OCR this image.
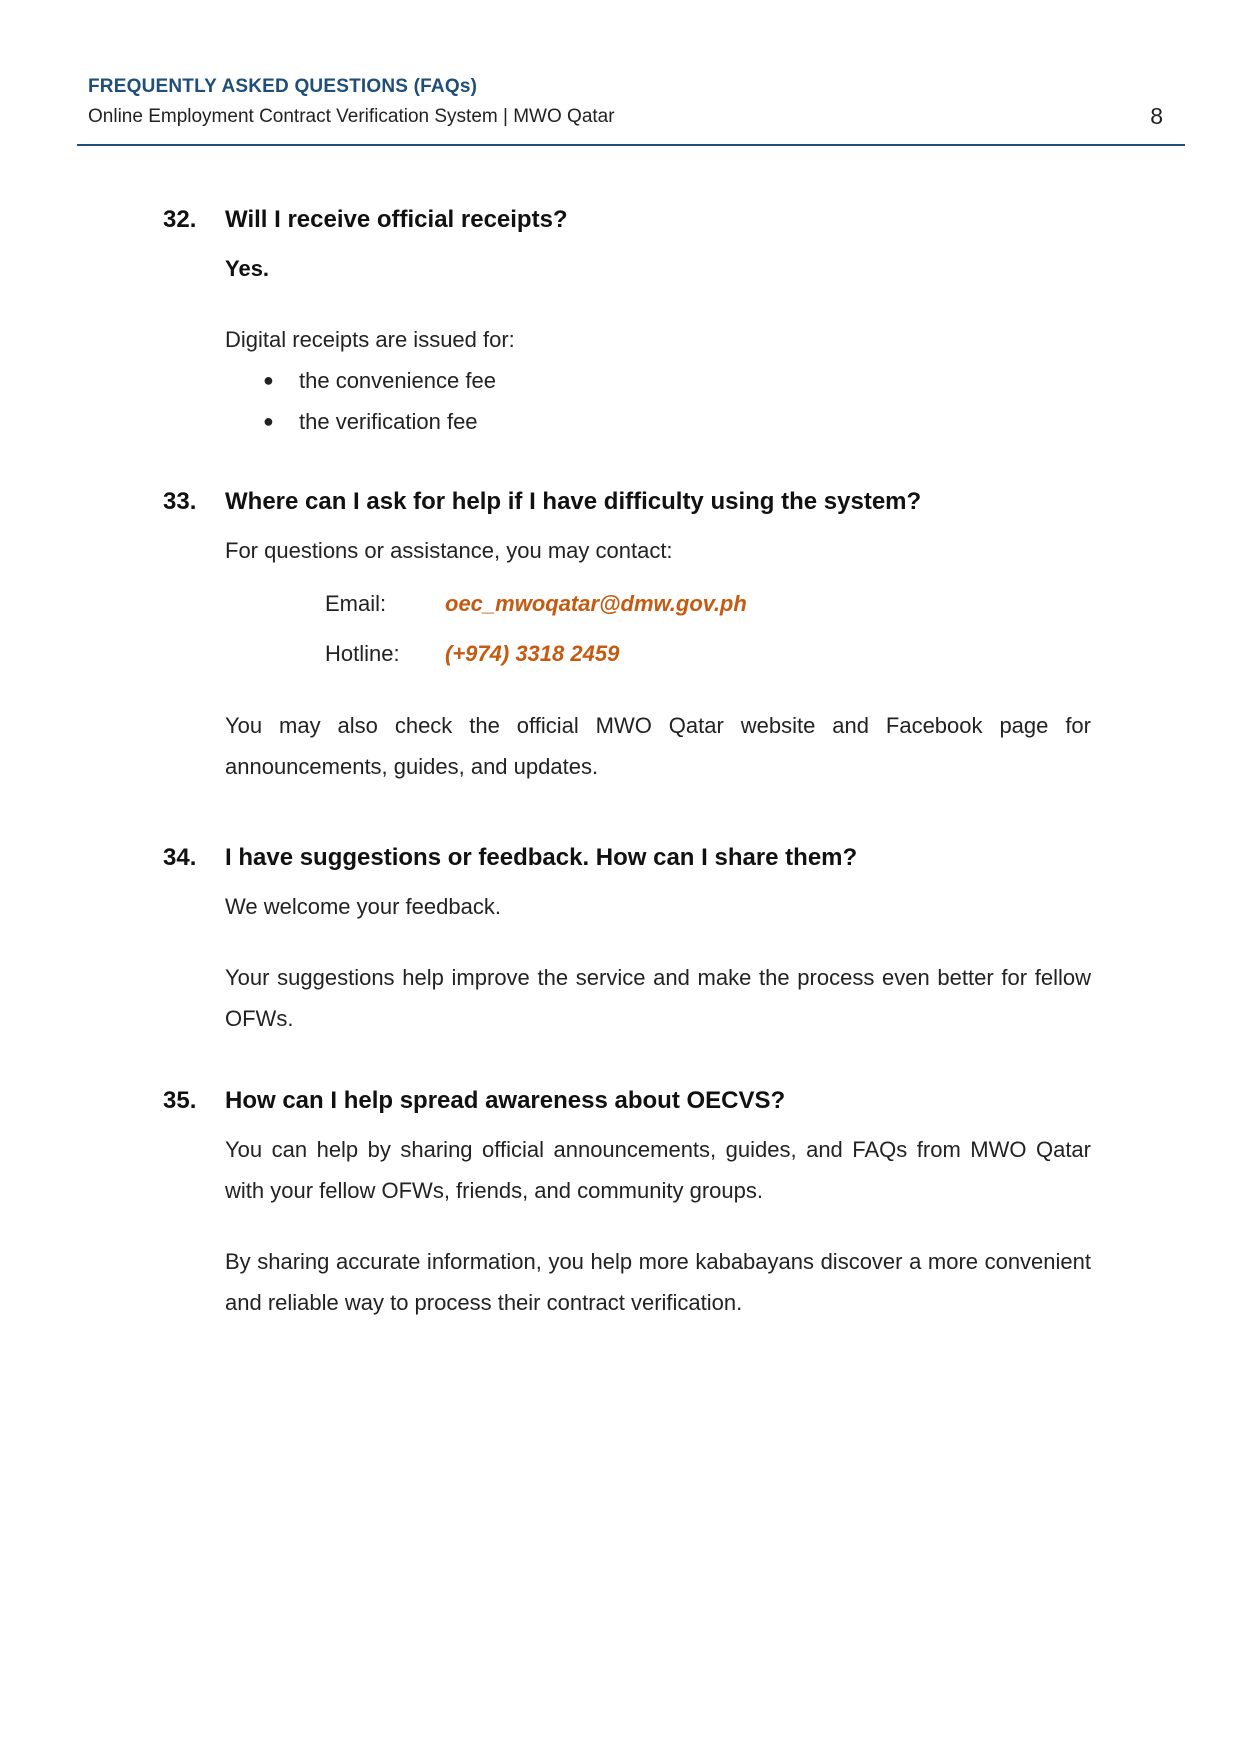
FREQUENTLY ASKED QUESTIONS (FAQs)
Online Employment Contract Verification System | MWO Qatar	8
32. Will I receive official receipts?

Yes.

Digital receipts are issued for:

● the convenience fee
● the verification fee
33. Where can I ask for help if I have difficulty using the system?

For questions or assistance, you may contact:

Email:	oec_mwoqatar@dmw.gov.ph
Hotline: (+974) 3318 2459

You may also check the official MWO Qatar website and Facebook page for announcements, guides, and updates.

34. I have suggestions or feedback. How can I share them?

We welcome your feedback.

Your suggestions help improve the service and make the process even better for fellow OFWs.

35. How can I help spread awareness about OECVS?

You can help by sharing official announcements, guides, and FAQs from MWO Qatar with your fellow OFWs, friends, and community groups.

By sharing accurate information, you help more kababayans discover a more convenient and reliable way to process their contract verification.
